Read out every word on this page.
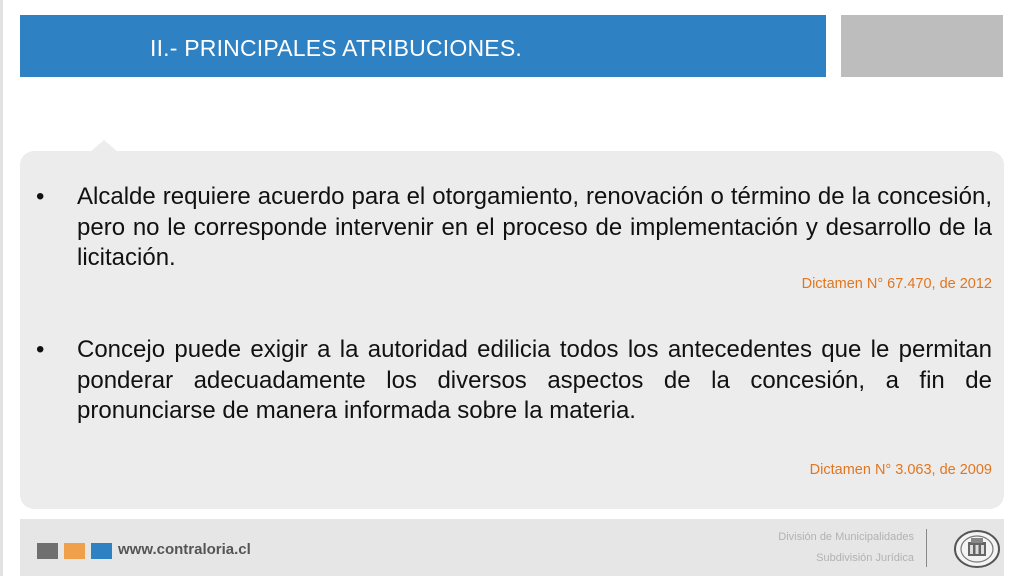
II.- PRINCIPALES ATRIBUCIONES.
• Alcalde requiere acuerdo para el otorgamiento, renovación o término de la concesión, pero no le corresponde intervenir en el proceso de implementación y desarrollo de la licitación.
Dictamen N° 67.470, de 2012
• Concejo puede exigir a la autoridad edilicia todos los antecedentes que le permitan ponderar adecuadamente los diversos aspectos de la concesión, a fin de pronunciarse de manera informada sobre la materia.
Dictamen N° 3.063, de 2009
www.contraloria.cl
División de Municipalidades
Subdivisión Jurídica
